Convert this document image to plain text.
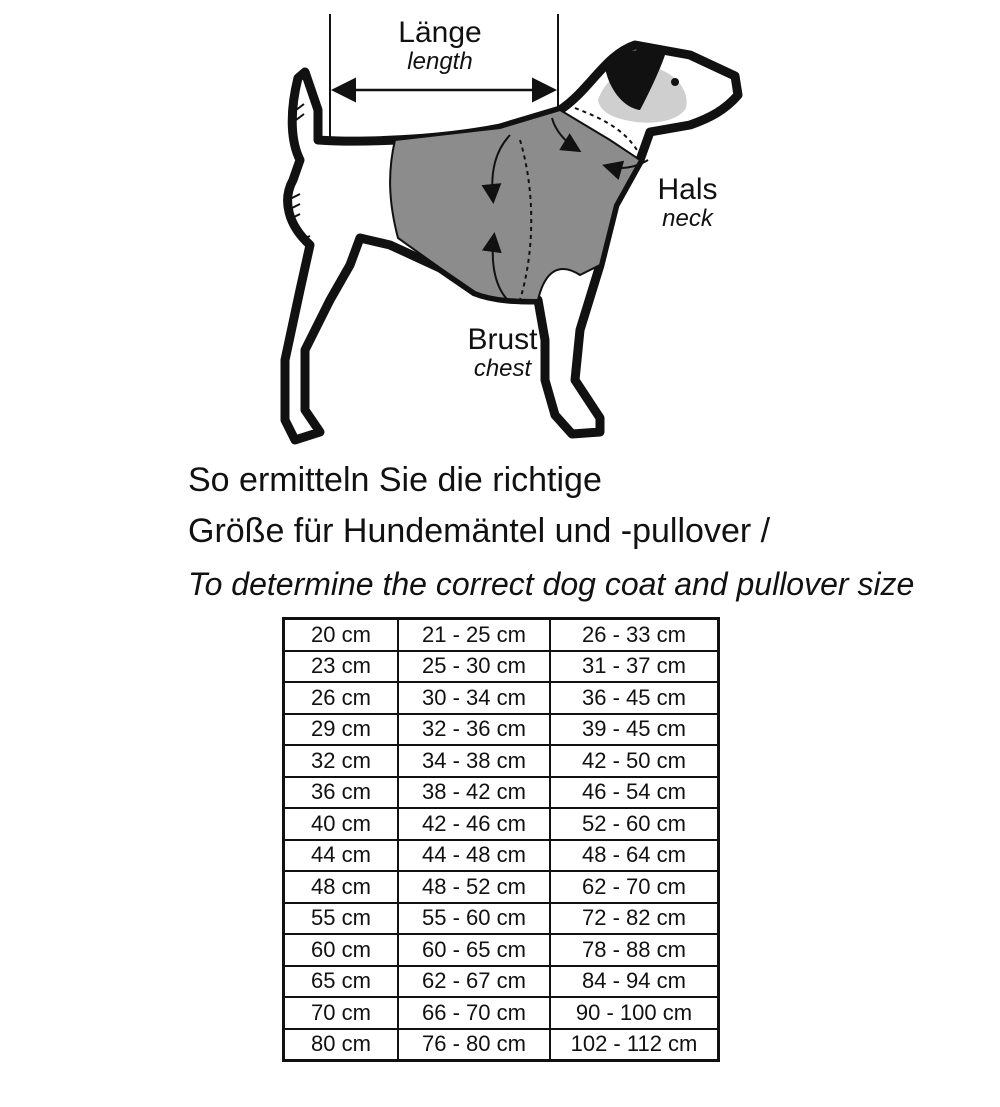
Länge
length
Hals
neck
Brust
chest
So ermitteln Sie die richtige
Größe für Hundemäntel und -pullover /
To determine the correct dog coat and pullover size
20 cm	21 - 25 cm	26 - 33 cm
23 cm	25 - 30 cm	31 - 37 cm
26 cm	30 - 34 cm	36 - 45 cm
29 cm	32 - 36 cm	39 - 45 cm
32 cm	34 - 38 cm	42 - 50 cm
36 cm	38 - 42 cm	46 - 54 cm
40 cm	42 - 46 cm	52 - 60 cm
44 cm	44 - 48 cm	48 - 64 cm
48 cm	48 - 52 cm	62 - 70 cm
55 cm	55 - 60 cm	72 - 82 cm
60 cm	60 - 65 cm	78 - 88 cm
65 cm	62 - 67 cm	84 - 94 cm
70 cm	66 - 70 cm	90 - 100 cm
80 cm	76 - 80 cm	102 - 112 cm
